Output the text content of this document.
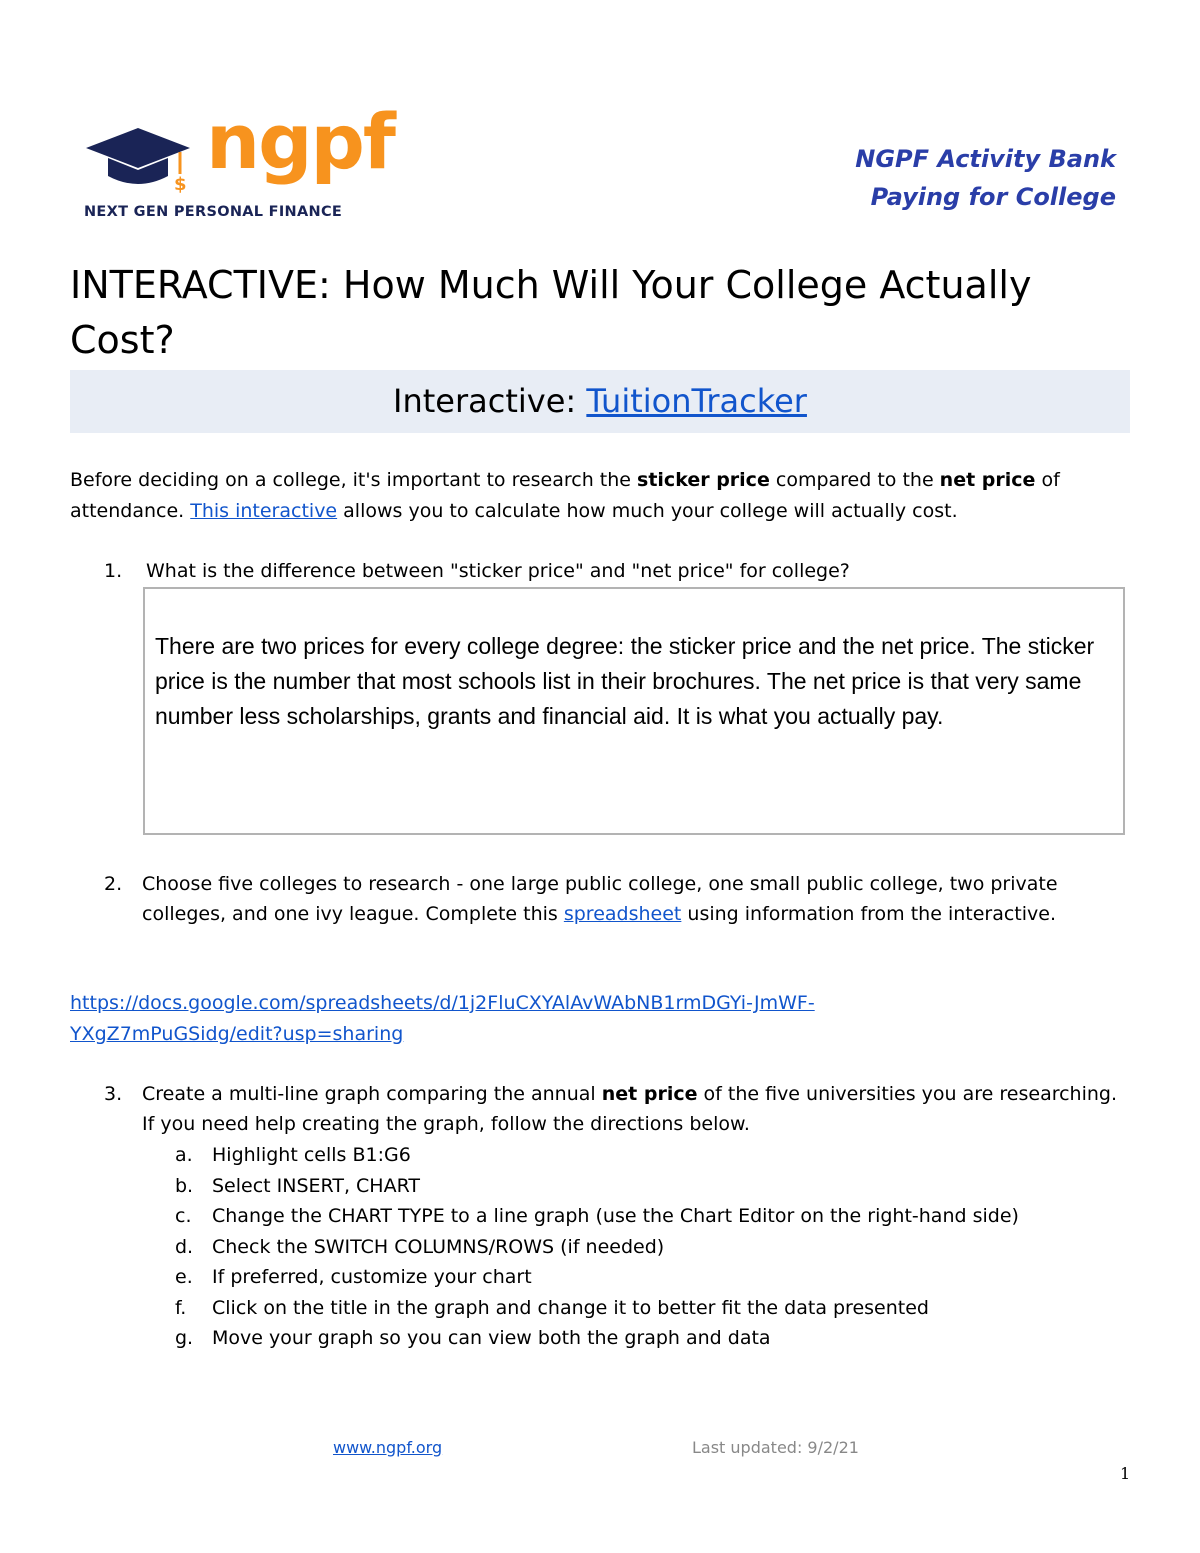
$ ngpf
NEXT GEN PERSONAL FINANCE
NGPF Activity Bank
Paying for College
INTERACTIVE: How Much Will Your College Actually Cost?
Interactive: TuitionTracker

Before deciding on a college, it's important to research the sticker price compared to the net price of attendance. This interactive allows you to calculate how much your college will actually cost.

1. What is the difference between "sticker price" and "net price" for college?

There are two prices for every college degree: the sticker price and the net price. The sticker price is the number that most schools list in their brochures. The net price is that very same number less scholarships, grants and financial aid. It is what you actually pay.

2. Choose five colleges to research - one large public college, one small public college, two private colleges, and one ivy league. Complete this spreadsheet using information from the interactive.
https://docs.google.com/spreadsheets/d/1j2FluCXYAlAvWAbNB1rmDGYi-JmWF-YXgZ7mPuGSidg/edit?usp=sharing
3. Create a multi-line graph comparing the annual net price of the five universities you are researching. If you need help creating the graph, follow the directions below.
a. Highlight cells B1:G6
b. Select INSERT, CHART
c. Change the CHART TYPE to a line graph (use the Chart Editor on the right-hand side)
d. Check the SWITCH COLUMNS/ROWS (if needed)
e. If preferred, customize your chart
f. Click on the title in the graph and change it to better fit the data presented
g. Move your graph so you can view both the graph and data
www.ngpf.org	Last updated: 9/2/21
1
